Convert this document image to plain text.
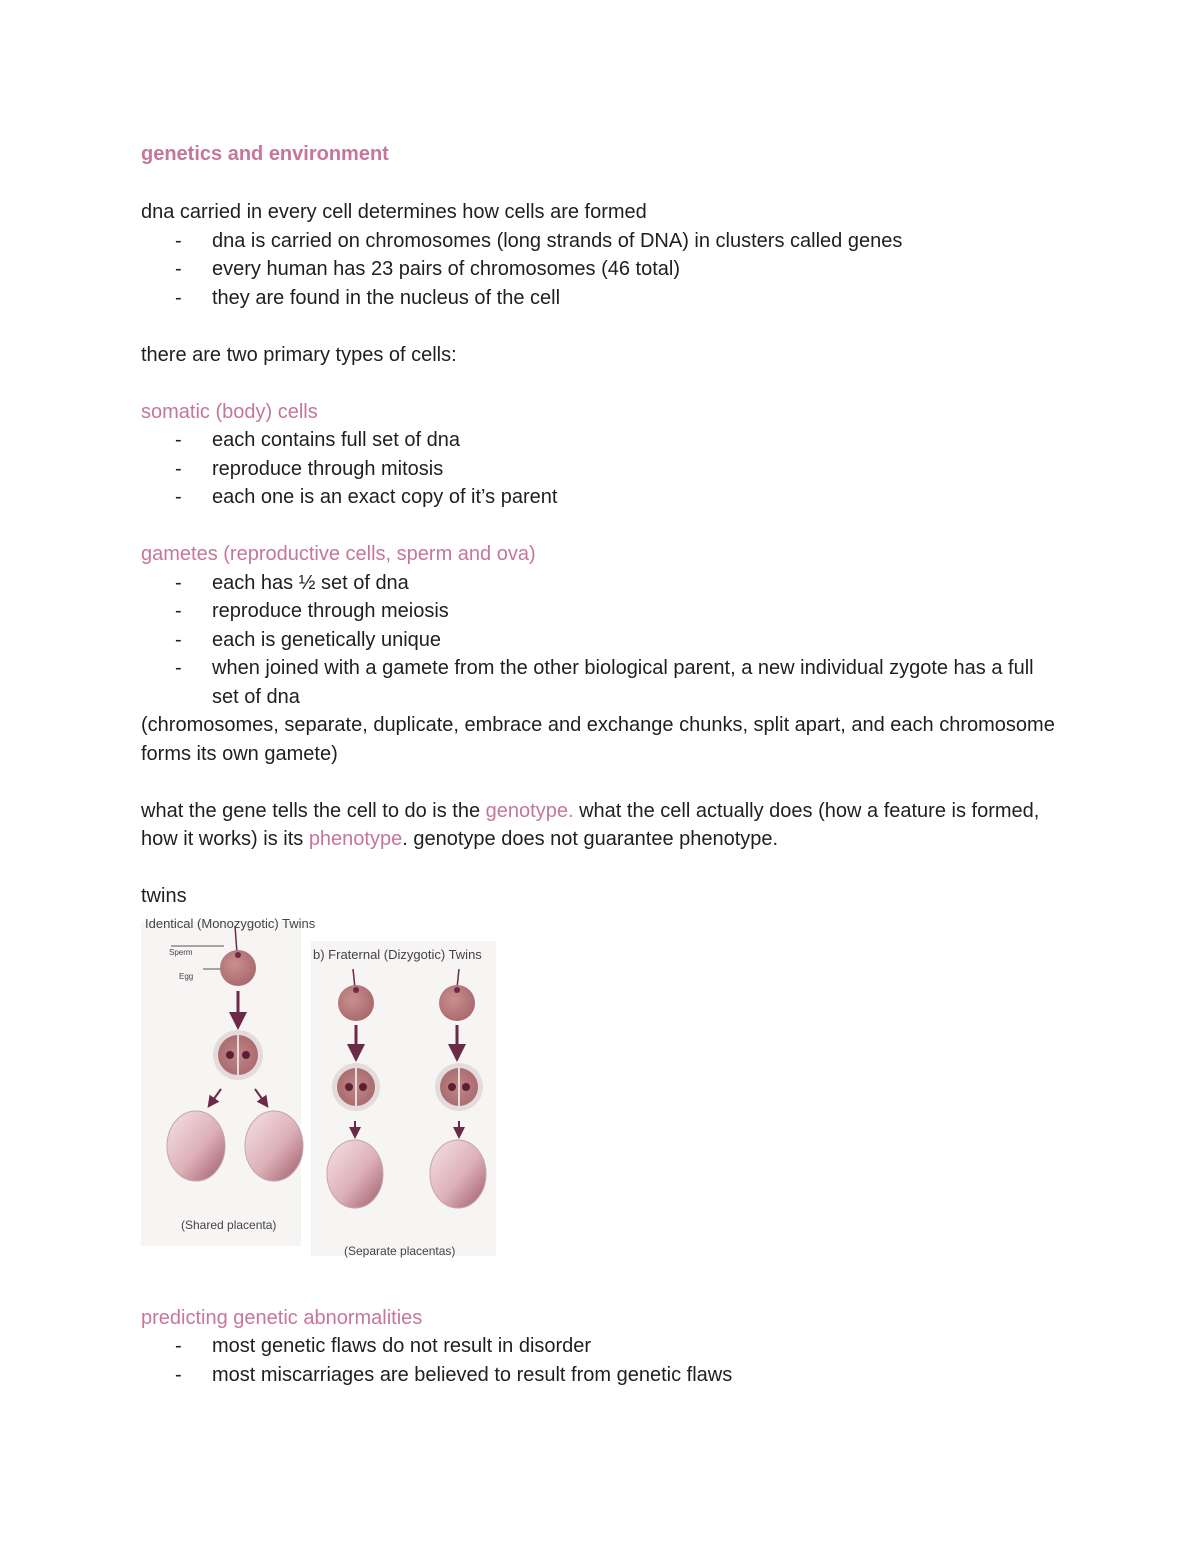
genetics and environment

dna carried in every cell determines how cells are formed

- dna is carried on chromosomes (long strands of DNA) in clusters called genes
- every human has 23 pairs of chromosomes (46 total)
- they are found in the nucleus of the cell

there are two primary types of cells:

somatic (body) cells

- each contains full set of dna
- reproduce through mitosis
- each one is an exact copy of it’s parent

gametes (reproductive cells, sperm and ova)

- each has ½ set of dna
- reproduce through meiosis
- each is genetically unique
- when joined with a gamete from the other biological parent, a new individual zygote has a full set of dna

(chromosomes, separate, duplicate, embrace and exchange chunks, split apart, and each chromosome forms its own gamete)

what the gene tells the cell to do is the genotype. what the cell actually does (how a feature is formed, how it works) is its phenotype. genotype does not guarantee phenotype.

twins

Identical (Monozygotic) Twins
Sperm
Egg
b) Fraternal (Dizygotic) Twins
(Shared placenta)
(Separate placentas)

predicting genetic abnormalities

- most genetic flaws do not result in disorder
- most miscarriages are believed to result from genetic flaws
